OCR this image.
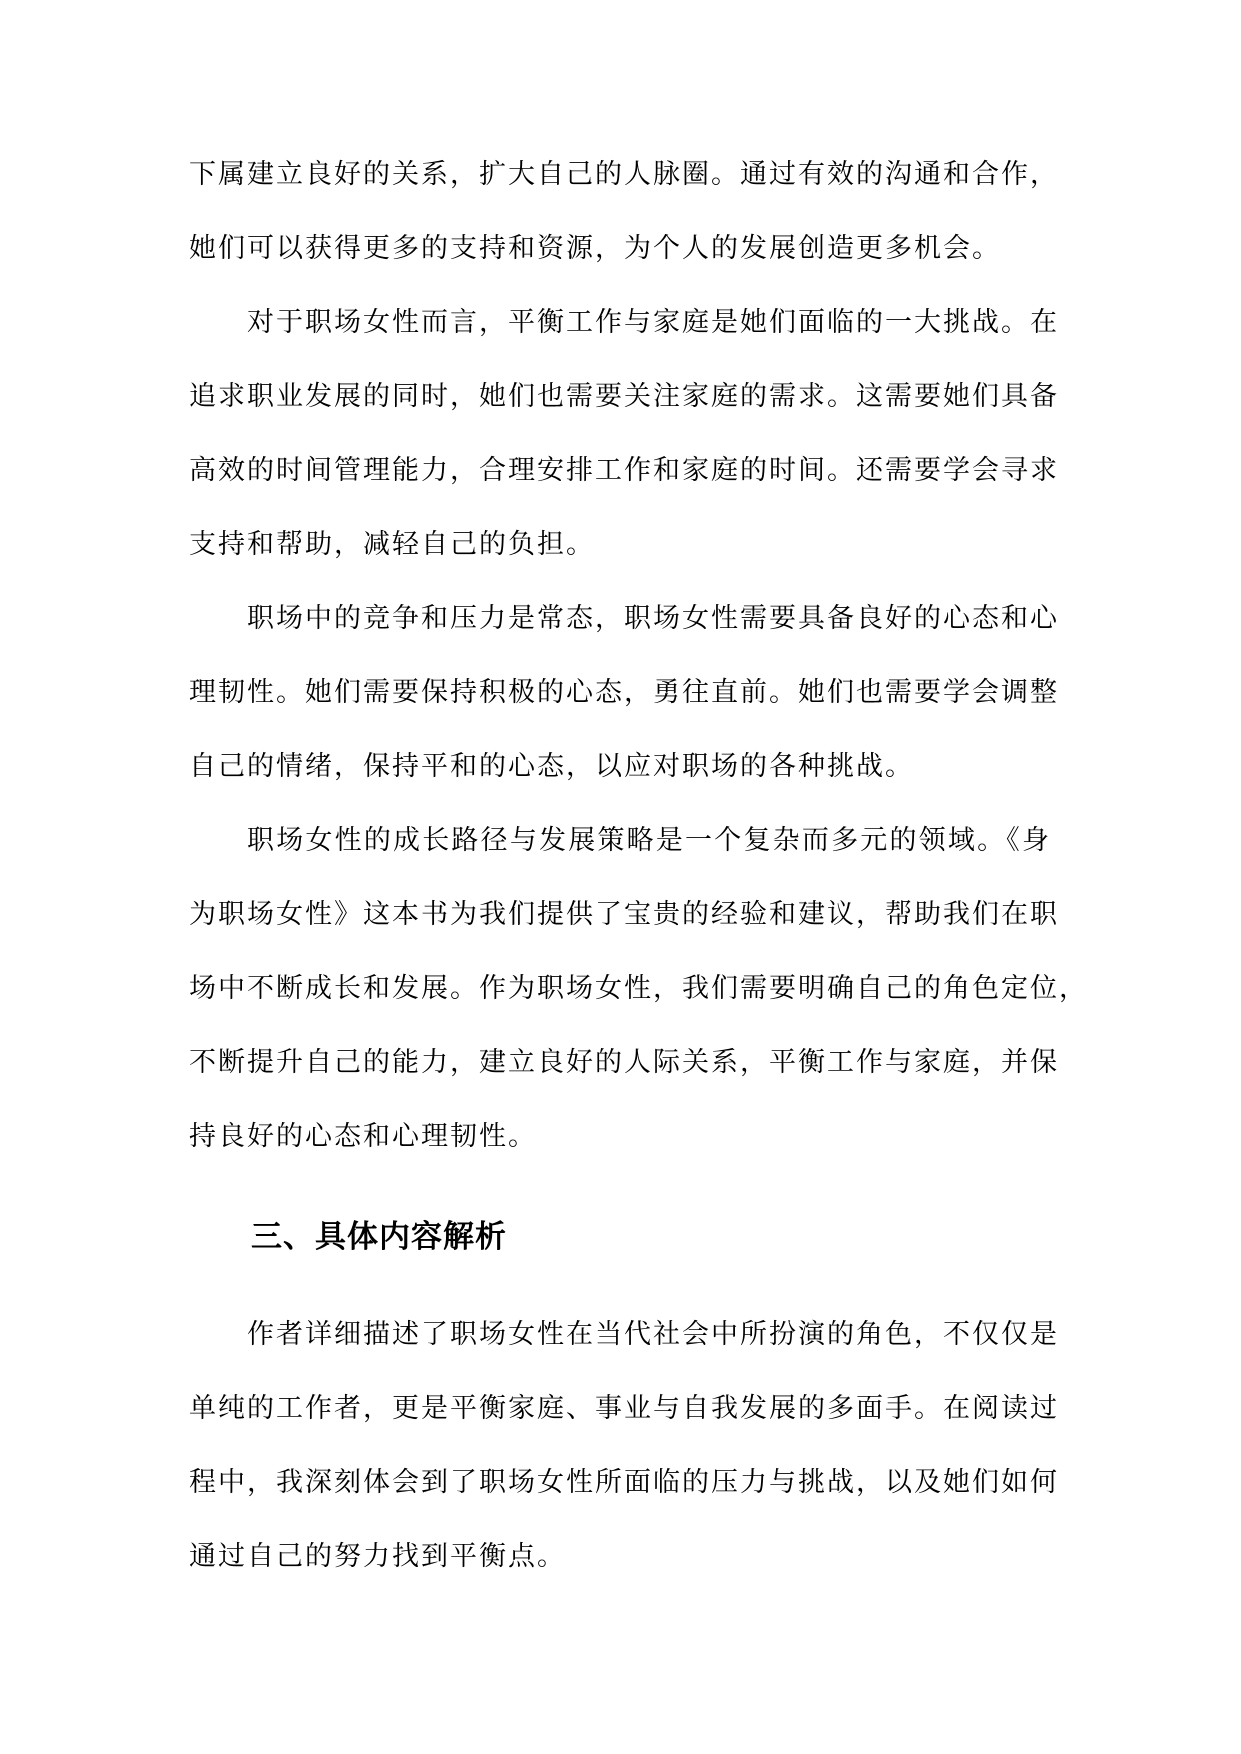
下属建立良好的关系，扩大自己的人脉圈。通过有效的沟通和合作，
她们可以获得更多的支持和资源，为个人的发展创造更多机会。
对于职场女性而言，平衡工作与家庭是她们面临的一大挑战。在
追求职业发展的同时，她们也需要关注家庭的需求。这需要她们具备
高效的时间管理能力，合理安排工作和家庭的时间。还需要学会寻求
支持和帮助，减轻自己的负担。
职场中的竞争和压力是常态，职场女性需要具备良好的心态和心
理韧性。她们需要保持积极的心态，勇往直前。她们也需要学会调整
自己的情绪，保持平和的心态，以应对职场的各种挑战。
职场女性的成长路径与发展策略是一个复杂而多元的领域。《身
为职场女性》这本书为我们提供了宝贵的经验和建议，帮助我们在职
场中不断成长和发展。作为职场女性，我们需要明确自己的角色定位，
不断提升自己的能力，建立良好的人际关系，平衡工作与家庭，并保
持良好的心态和心理韧性。
三、具体内容解析
作者详细描述了职场女性在当代社会中所扮演的角色，不仅仅是
单纯的工作者，更是平衡家庭、事业与自我发展的多面手。在阅读过
程中，我深刻体会到了职场女性所面临的压力与挑战，以及她们如何
通过自己的努力找到平衡点。
